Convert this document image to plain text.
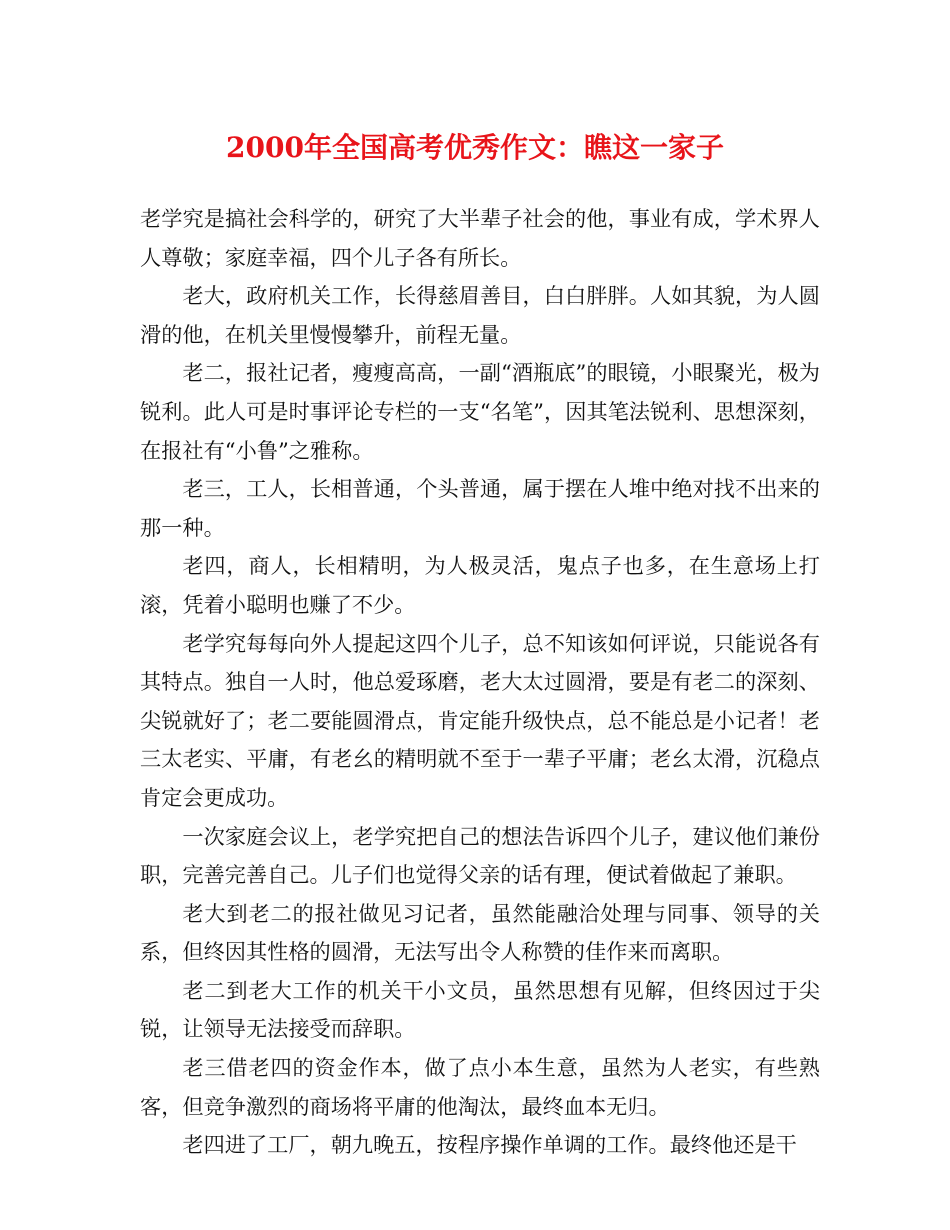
2000年全国高考优秀作文：瞧这一家子

老学究是搞社会科学的，研究了大半辈子社会的他，事业有成，学术界人人尊敬；家庭幸福，四个儿子各有所长。

老大，政府机关工作，长得慈眉善目，白白胖胖。人如其貌，为人圆滑的他，在机关里慢慢攀升，前程无量。

老二，报社记者，瘦瘦高高，一副“酒瓶底”的眼镜，小眼聚光，极为锐利。此人可是时事评论专栏的一支“名笔”，因其笔法锐利、思想深刻，在报社有“小鲁”之雅称。

老三，工人，长相普通，个头普通，属于摆在人堆中绝对找不出来的那一种。

老四，商人，长相精明，为人极灵活，鬼点子也多，在生意场上打滚，凭着小聪明也赚了不少。

老学究每每向外人提起这四个儿子，总不知该如何评说，只能说各有其特点。独自一人时，他总爱琢磨，老大太过圆滑，要是有老二的深刻、尖锐就好了；老二要能圆滑点，肯定能升级快点，总不能总是小记者！老三太老实、平庸，有老幺的精明就不至于一辈子平庸；老幺太滑，沉稳点肯定会更成功。

一次家庭会议上，老学究把自己的想法告诉四个儿子，建议他们兼份职，完善完善自己。儿子们也觉得父亲的话有理，便试着做起了兼职。

老大到老二的报社做见习记者，虽然能融洽处理与同事、领导的关系，但终因其性格的圆滑，无法写出令人称赞的佳作来而离职。

老二到老大工作的机关干小文员，虽然思想有见解，但终因过于尖锐，让领导无法接受而辞职。

老三借老四的资金作本，做了点小本生意，虽然为人老实，有些熟客，但竞争激烈的商场将平庸的他淘汰，最终血本无归。

老四进了工厂，朝九晚五，按程序操作单调的工作。最终他还是干
